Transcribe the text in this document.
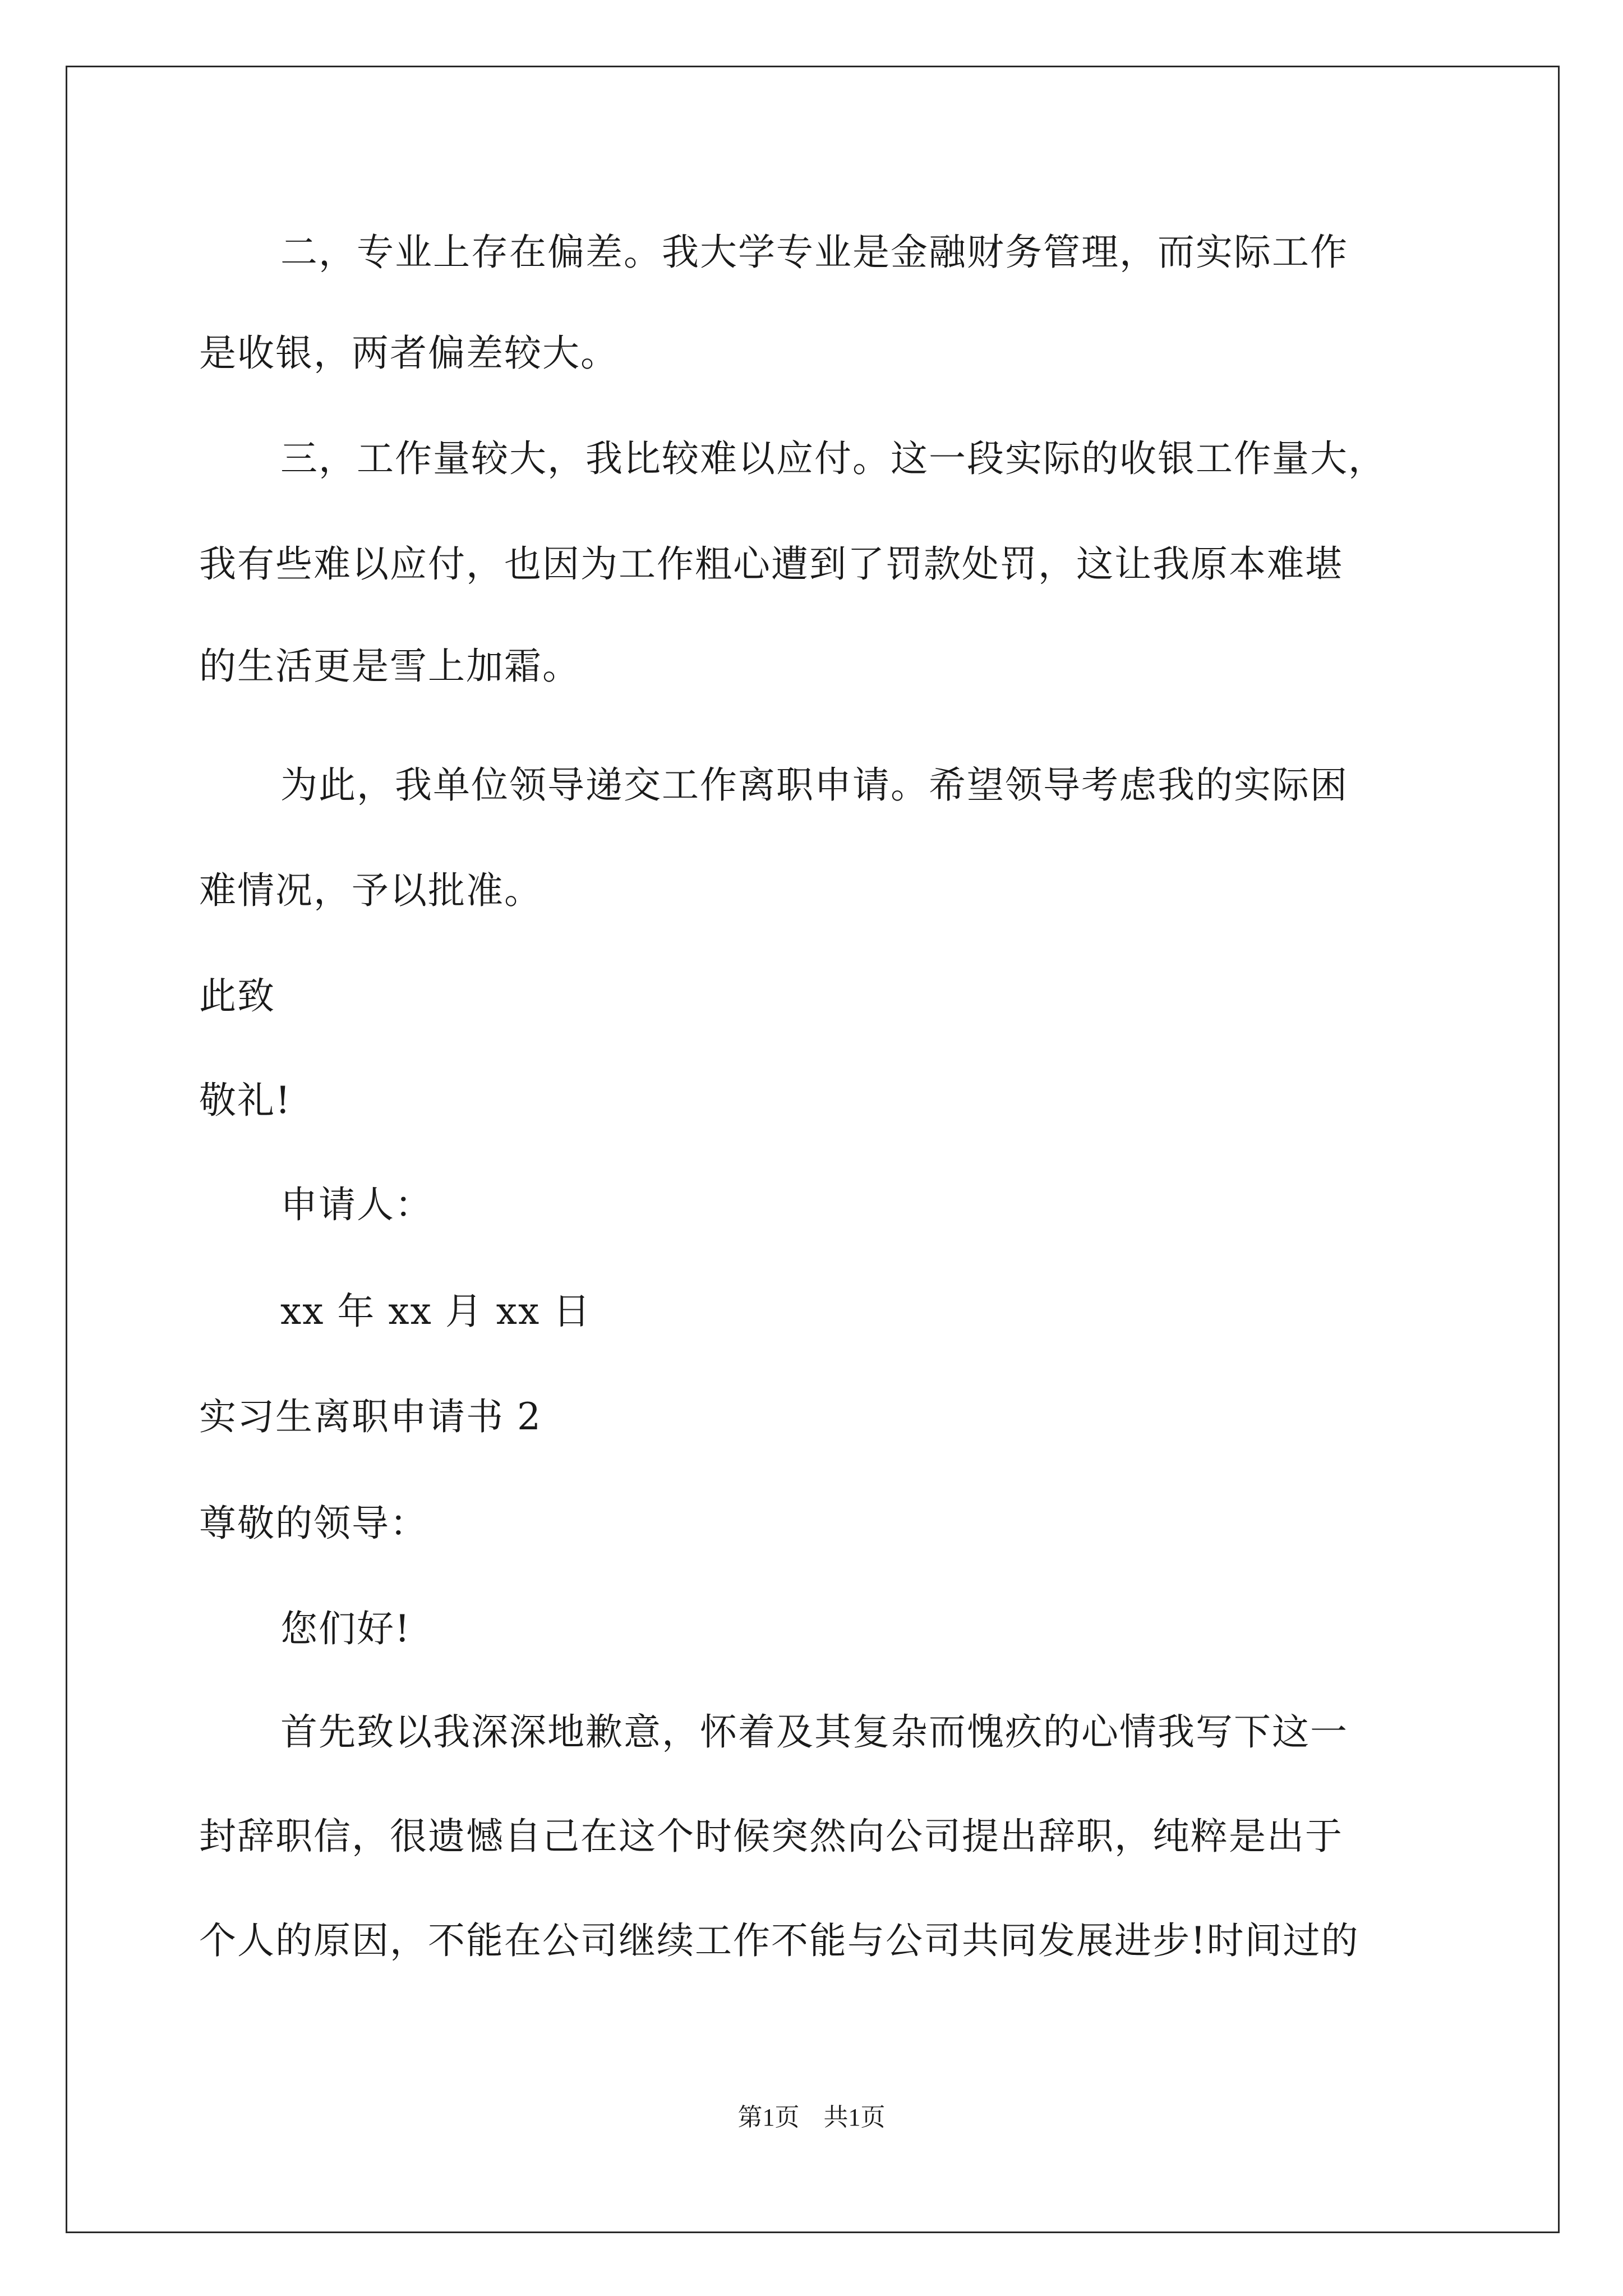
二，专业上存在偏差。我大学专业是金融财务管理，而实际工作

是收银，两者偏差较大。

三，工作量较大，我比较难以应付。这一段实际的收银工作量大，

我有些难以应付，也因为工作粗心遭到了罚款处罚，这让我原本难堪

的生活更是雪上加霜。

为此，我单位领导递交工作离职申请。希望领导考虑我的实际困

难情况，予以批准。

此致

敬礼!

申请人：

xx 年 xx 月 xx 日

实习生离职申请书 2

尊敬的领导：

您们好!

首先致以我深深地歉意，怀着及其复杂而愧疚的心情我写下这一

封辞职信，很遗憾自己在这个时候突然向公司提出辞职，纯粹是出于

个人的原因，不能在公司继续工作不能与公司共同发展进步!时间过的

第1页 共1页
